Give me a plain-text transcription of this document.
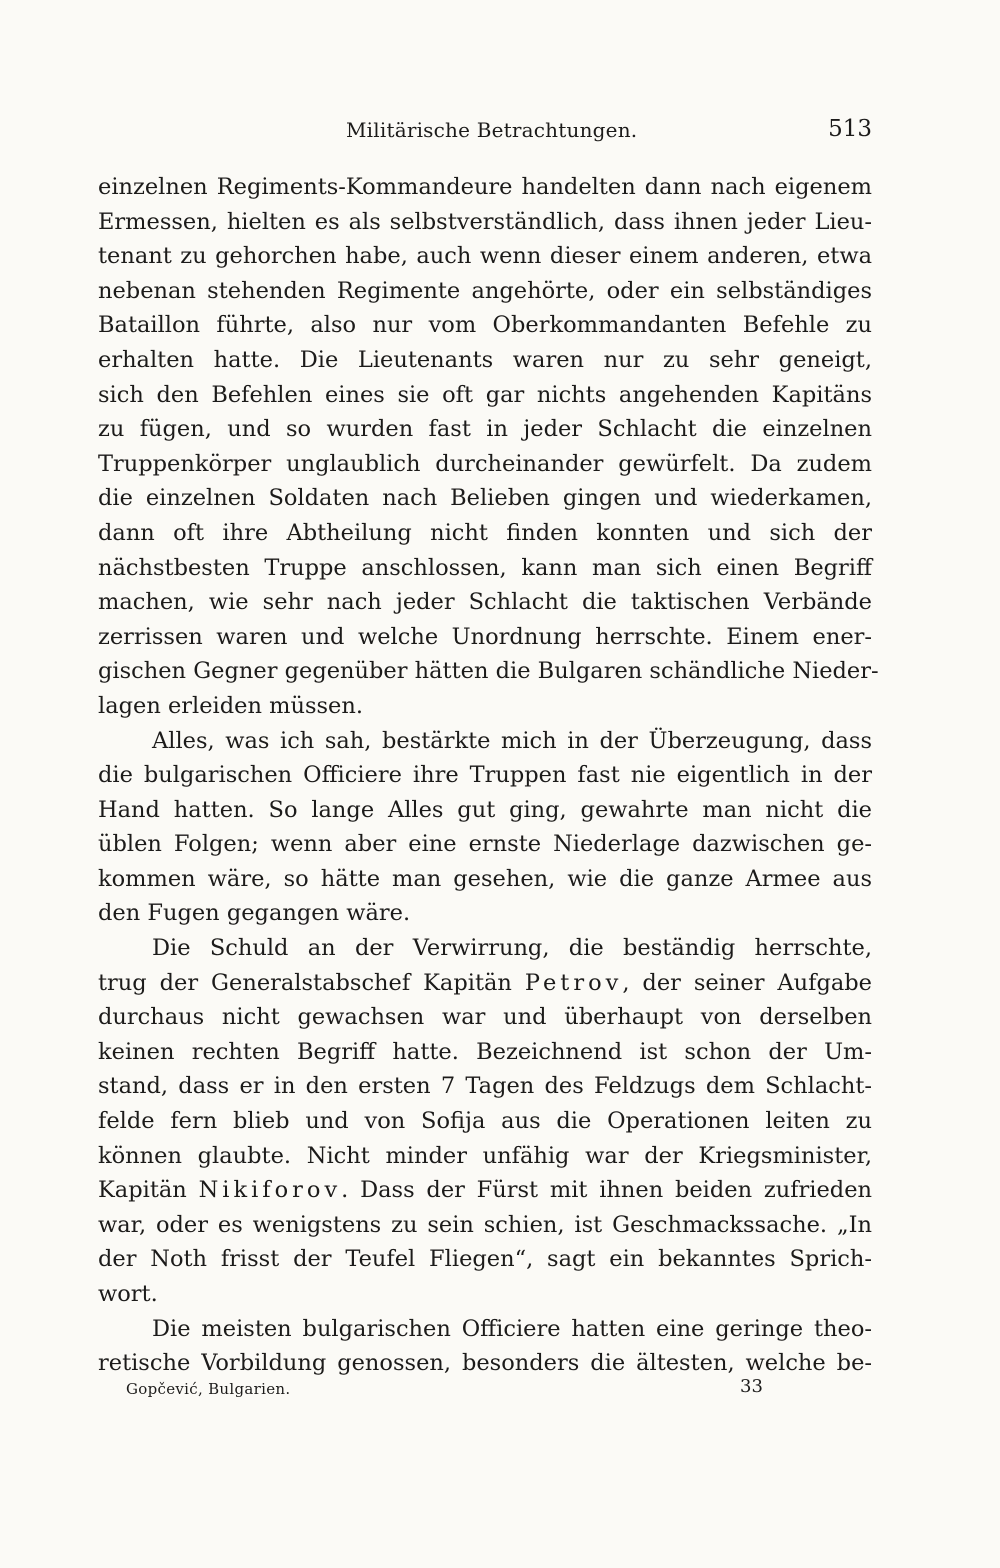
Militärische Betrachtungen.	513
einzelnen Regiments-Kommandeure handelten dann nach eigenem
Ermessen, hielten es als selbstverständlich, dass ihnen jeder Lieu-
tenant zu gehorchen habe, auch wenn dieser einem anderen, etwa
nebenan stehenden Regimente angehörte, oder ein selbständiges
Bataillon führte, also nur vom Oberkommandanten Befehle zu
erhalten hatte. Die Lieutenants waren nur zu sehr geneigt,
sich den Befehlen eines sie oft gar nichts angehenden Kapitäns
zu fügen, und so wurden fast in jeder Schlacht die einzelnen
Truppenkörper unglaublich durcheinander gewürfelt. Da zudem
die einzelnen Soldaten nach Belieben gingen und wiederkamen,
dann oft ihre Abtheilung nicht finden konnten und sich der
nächstbesten Truppe anschlossen, kann man sich einen Begriff
machen, wie sehr nach jeder Schlacht die taktischen Verbände
zerrissen waren und welche Unordnung herrschte. Einem ener-
gischen Gegner gegenüber hätten die Bulgaren schändliche Nieder-
lagen erleiden müssen.
Alles, was ich sah, bestärkte mich in der Überzeugung, dass
die bulgarischen Officiere ihre Truppen fast nie eigentlich in der
Hand hatten. So lange Alles gut ging, gewahrte man nicht die
üblen Folgen; wenn aber eine ernste Niederlage dazwischen ge-
kommen wäre, so hätte man gesehen, wie die ganze Armee aus
den Fugen gegangen wäre.
Die Schuld an der Verwirrung, die beständig herrschte,
trug der Generalstabschef Kapitän Petrov, der seiner Aufgabe
durchaus nicht gewachsen war und überhaupt von derselben
keinen rechten Begriff hatte. Bezeichnend ist schon der Um-
stand, dass er in den ersten 7 Tagen des Feldzugs dem Schlacht-
felde fern blieb und von Sofija aus die Operationen leiten zu
können glaubte. Nicht minder unfähig war der Kriegsminister,
Kapitän Nikiforov. Dass der Fürst mit ihnen beiden zufrieden
war, oder es wenigstens zu sein schien, ist Geschmackssache. „In
der Noth frisst der Teufel Fliegen“, sagt ein bekanntes Sprich-
wort.
Die meisten bulgarischen Officiere hatten eine geringe theo-
retische Vorbildung genossen, besonders die ältesten, welche be-
Gopčević, Bulgarien.	33
